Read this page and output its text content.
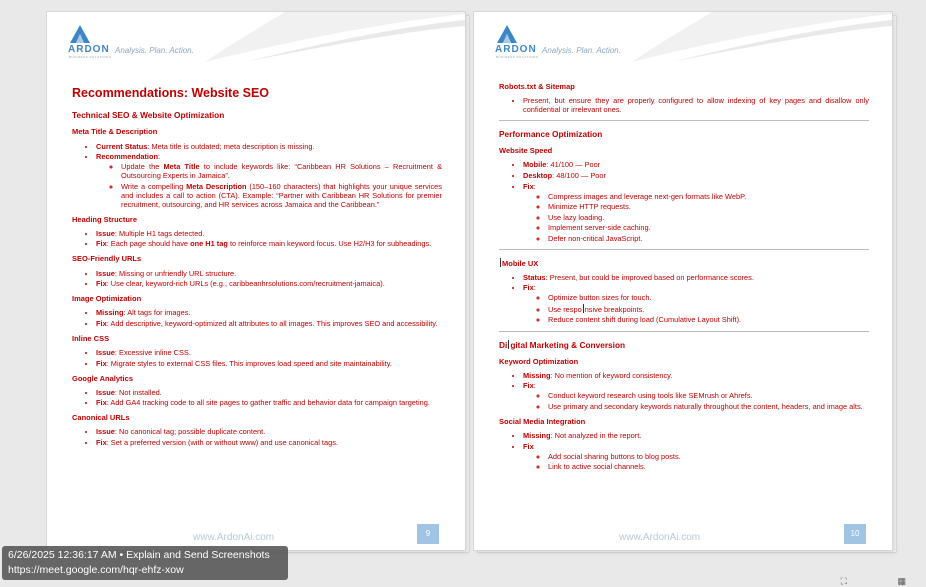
ARDON
BUSINESS SOLUTIONS
Analysis. Plan. Action.
Recommendations: Website SEO
Technical SEO & Website Optimization
Meta Title & Description
• Current Status: Meta title is outdated; meta description is missing.
• Recommendation:
◦ Update the Meta Title to include keywords like: “Caribbean HR Solutions – Recruitment & Outsourcing Experts in Jamaica”.
◦ Write a compelling Meta Description (150–160 characters) that highlights your unique services and includes a call to action (CTA). Example: “Partner with Caribbean HR Solutions for premier recruitment, outsourcing, and HR services across Jamaica and the Caribbean.”
Heading Structure
• Issue: Multiple H1 tags detected.
• Fix: Each page should have one H1 tag to reinforce main keyword focus. Use H2/H3 for subheadings.
SEO-Friendly URLs
• Issue: Missing or unfriendly URL structure.
• Fix: Use clear, keyword-rich URLs (e.g., caribbeanhrsolutions.com/recruitment-jamaica).
Image Optimization
• Missing: Alt tags for images.
• Fix: Add descriptive, keyword-optimized alt attributes to all images. This improves SEO and accessibility.
Inline CSS
• Issue: Excessive inline CSS.
• Fix: Migrate styles to external CSS files. This improves load speed and site maintainability.
Google Analytics
• Issue: Not installed.
• Fix: Add GA4 tracking code to all site pages to gather traffic and behavior data for campaign targeting.
Canonical URLs
• Issue: No canonical tag; possible duplicate content.
• Fix: Set a preferred version (with or without www) and use canonical tags.
www.ArdonAi.com	9
ARDON
BUSINESS SOLUTIONS
Analysis. Plan. Action.
Robots.txt & Sitemap
• Present, but ensure they are properly configured to allow indexing of key pages and disallow only confidential or irrelevant ones.
Performance Optimization
Website Speed
• Mobile: 41/100 — Poor
• Desktop: 48/100 — Poor
• Fix:
◦ Compress images and leverage next-gen formats like WebP.
◦ Minimize HTTP requests.
◦ Use lazy loading.
◦ Implement server-side caching.
◦ Defer non-critical JavaScript.
Mobile UX
• Status: Present, but could be improved based on performance scores.
• Fix:
◦ Optimize button sizes for touch.
◦ Use respo nsive breakpoints.
◦ Reduce content shift during load (Cumulative Layout Shift).
Di gital Marketing & Conversion
Keyword Optimization
• Missing: No mention of keyword consistency.
• Fix:
◦ Conduct keyword research using tools like SEMrush or Ahrefs.
◦ Use primary and secondary keywords naturally throughout the content, headers, and image alts.
Social Media Integration
• Missing: Not analyzed in the report.
• Fix
◦ Add social sharing buttons to blog posts.
◦ Link to active social channels.
www.ArdonAi.com	10
6/26/2025 12:36:17 AM • Explain and Send Screenshots
https://meet.google.com/hqr-ehfz-xow
⛶	▦
